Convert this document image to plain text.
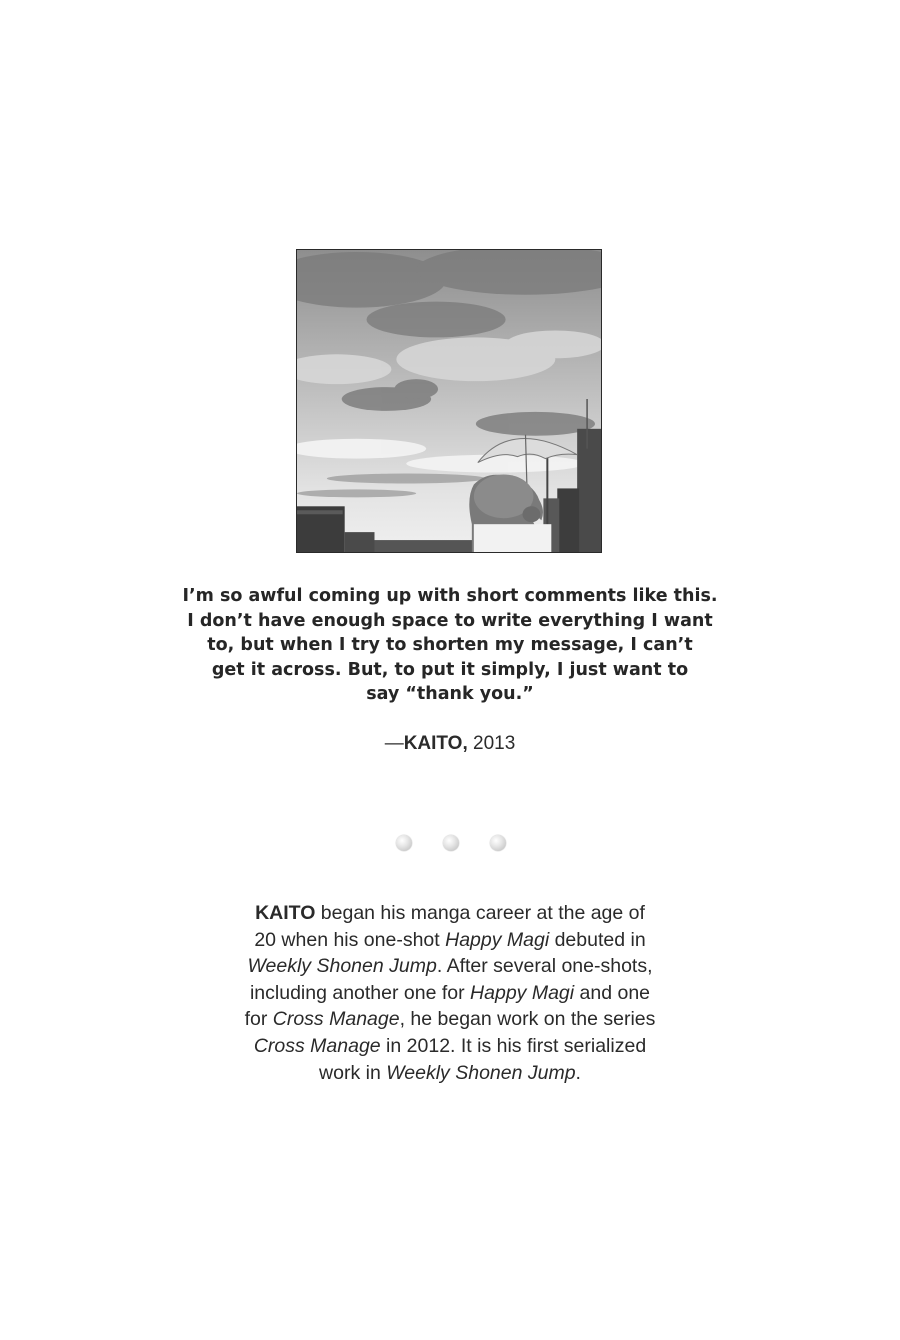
I’m so awful coming up with short comments like this.
I don’t have enough space to write everything I want
to, but when I try to shorten my message, I can’t
get it across. But, to put it simply, I just want to
say “thank you.”
—KAITO, 2013
KAITO began his manga career at the age of
20 when his one-shot Happy Magi debuted in
Weekly Shonen Jump. After several one-shots,
including another one for Happy Magi and one
for Cross Manage, he began work on the series
Cross Manage in 2012. It is his first serialized
work in Weekly Shonen Jump.
